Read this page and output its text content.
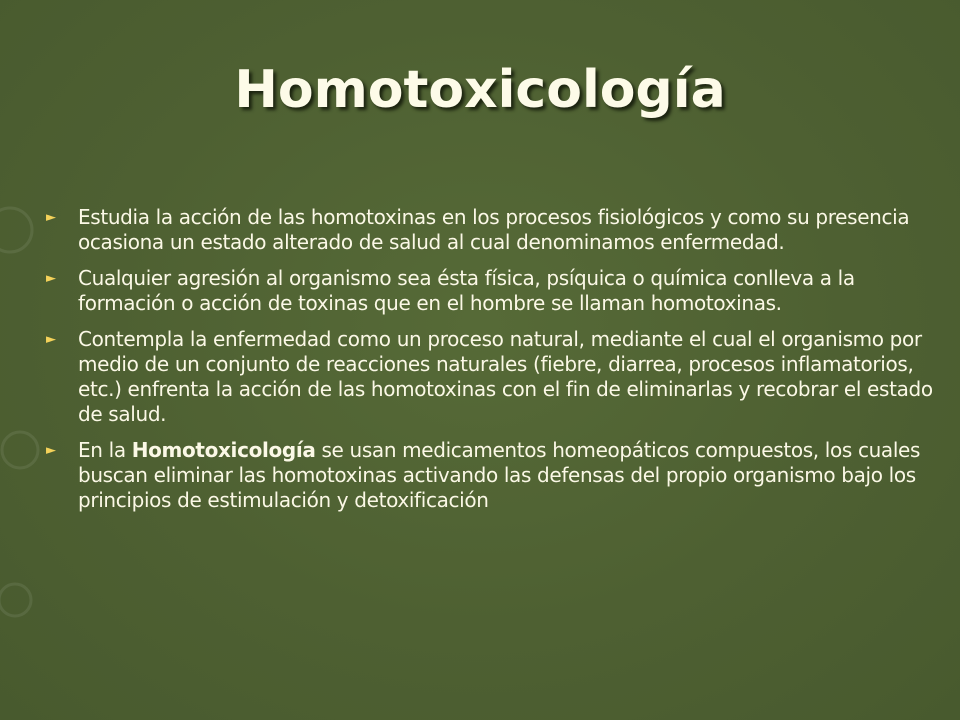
Homotoxicología
► Estudia la acción de las homotoxinas en los procesos fisiológicos y como su presencia ocasiona un estado alterado de salud al cual denominamos enfermedad.
► Cualquier agresión al organismo sea ésta física, psíquica o química conlleva a la formación o acción de toxinas que en el hombre se llaman homotoxinas.
► Contempla la enfermedad como un proceso natural, mediante el cual el organismo por medio de un conjunto de reacciones naturales (fiebre, diarrea, procesos inflamatorios, etc.) enfrenta la acción de las homotoxinas con el fin de eliminarlas y recobrar el estado de salud.
► En la Homotoxicología se usan medicamentos homeopáticos compuestos, los cuales buscan eliminar las homotoxinas activando las defensas del propio organismo bajo los principios de estimulación y detoxificación
